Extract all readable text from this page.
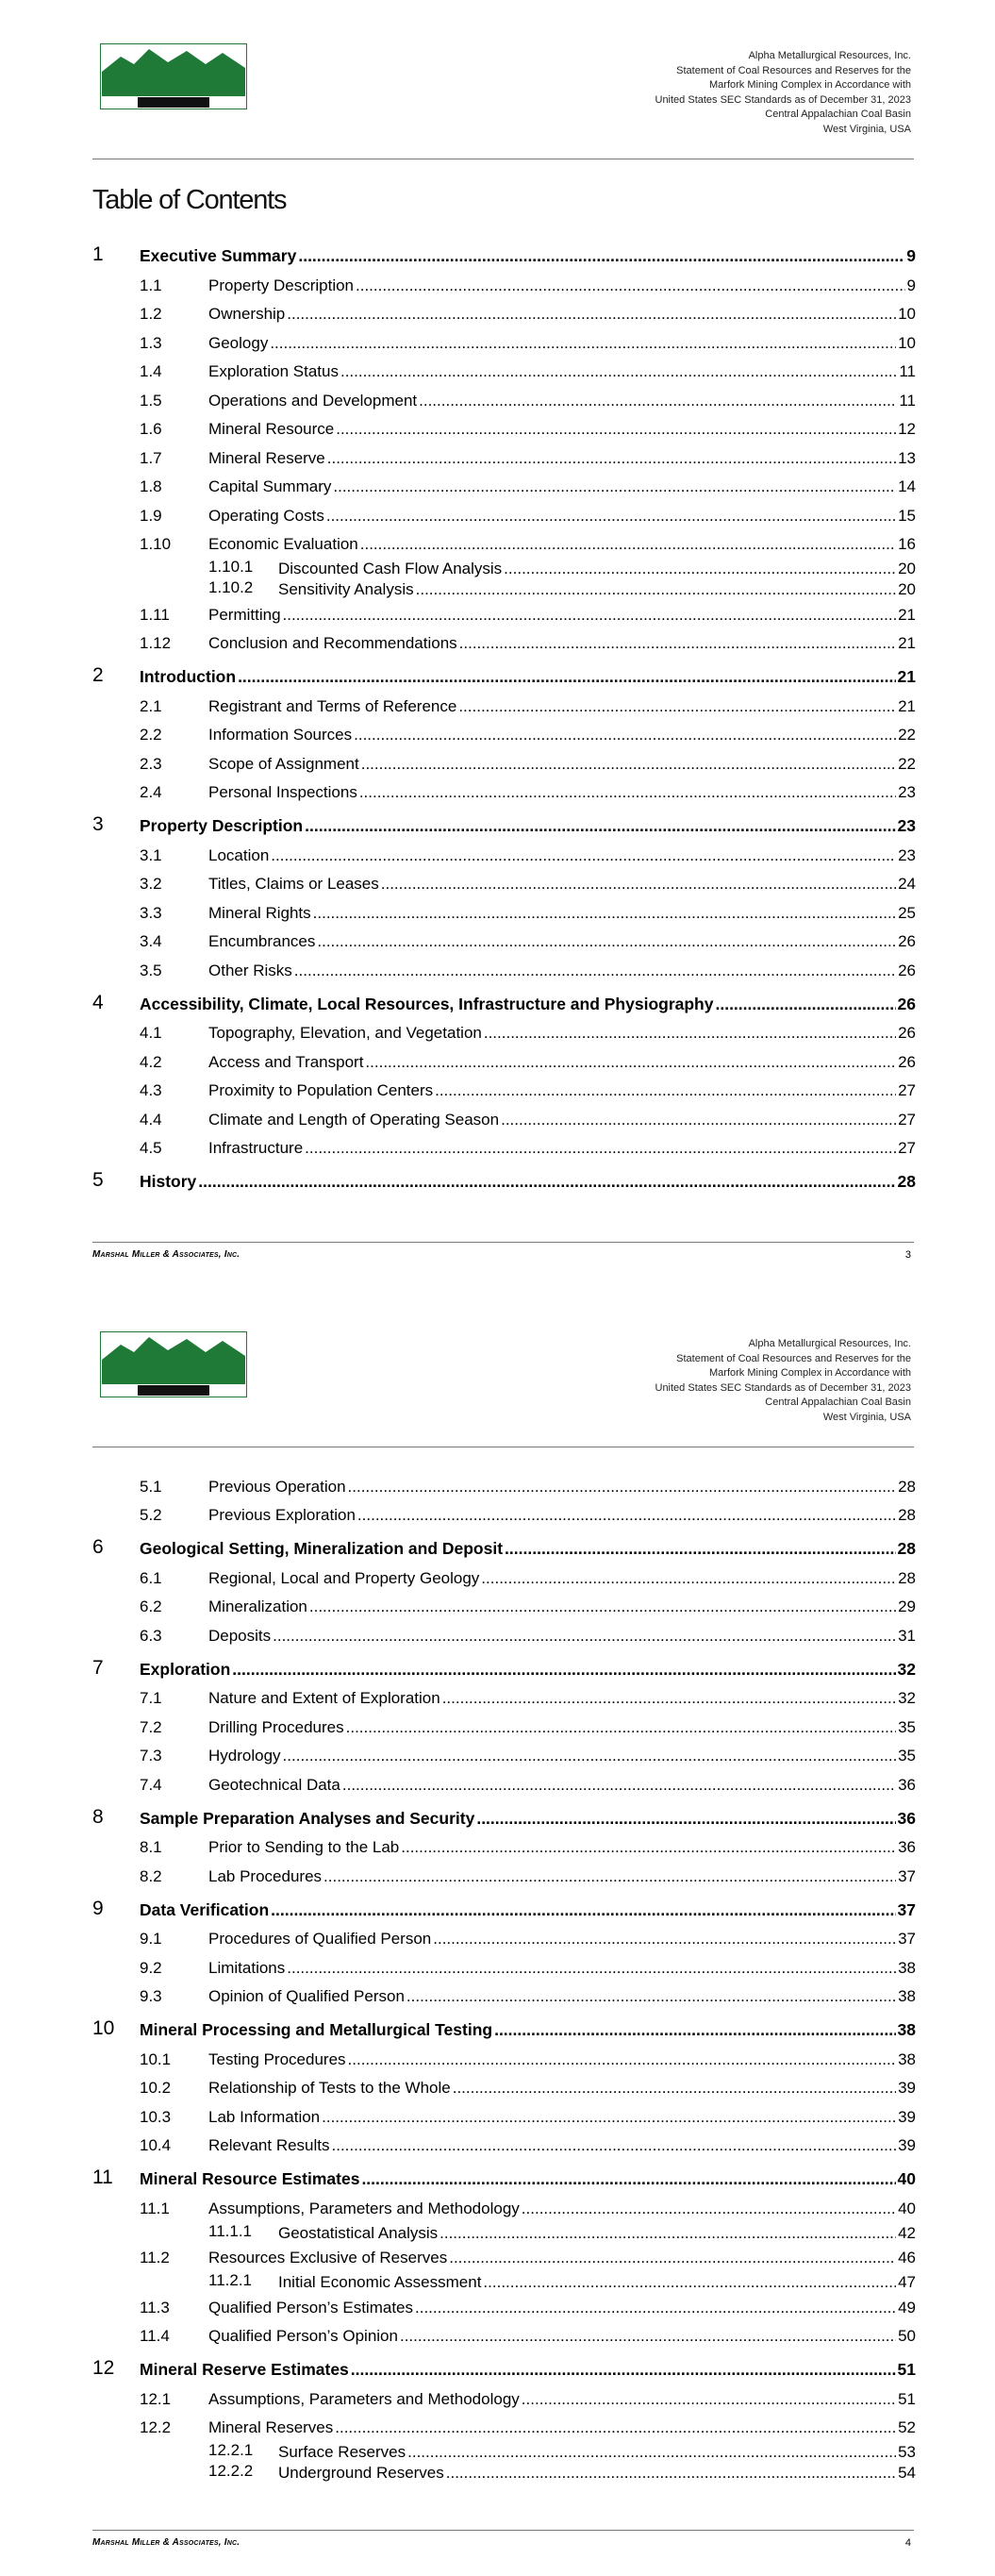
Alpha Metallurgical Resources, Inc.
Statement of Coal Resources and Reserves for the
Marfork Mining Complex in Accordance with
United States SEC Standards as of December 31, 2023
Central Appalachian Coal Basin
West Virginia, USA
Table of Contents
1 Executive Summary .....	9
1.1	Property Description .....	9
1.2	Ownership .....	10
1.3	Geology .....	10
1.4	Exploration Status .....	11
1.5	Operations and Development .....	11
1.6	Mineral Resource .....	12
1.7	Mineral Reserve .....	13
1.8	Capital Summary .....	14
1.9	Operating Costs .....	15
1.10 Economic Evaluation .....	16
1.10.1 Discounted Cash Flow Analysis .....	20
1.10.2 Sensitivity Analysis .....	20
1.11 Permitting .....	21
1.12 Conclusion and Recommendations .....	21
2 Introduction .....	21
2.1	Registrant and Terms of Reference .....	21
2.2	Information Sources .....	22
2.3	Scope of Assignment .....	22
2.4	Personal Inspections .....	23
3 Property Description .....	23
3.1	Location .....	23
3.2	Titles, Claims or Leases .....	24
3.3	Mineral Rights .....	25
3.4	Encumbrances .....	26
3.5	Other Risks .....	26
4 Accessibility, Climate, Local Resources, Infrastructure and Physiography .....	26
4.1	Topography, Elevation, and Vegetation .....	26
4.2	Access and Transport .....	26
4.3	Proximity to Population Centers .....	27
4.4	Climate and Length of Operating Season .....	27
4.5	Infrastructure .....	27
5 History .....	28
Marshal Miller & Associates, Inc.	3
Alpha Metallurgical Resources, Inc.
Statement of Coal Resources and Reserves for the
Marfork Mining Complex in Accordance with
United States SEC Standards as of December 31, 2023
Central Appalachian Coal Basin
West Virginia, USA
5.1	Previous Operation .....	28
5.2	Previous Exploration .....	28
6 Geological Setting, Mineralization and Deposit .....	28
6.1	Regional, Local and Property Geology .....	28
6.2	Mineralization .....	29
6.3	Deposits .....	31
7 Exploration .....	32
7.1	Nature and Extent of Exploration .....	32
7.2	Drilling Procedures .....	35
7.3	Hydrology .....	35
7.4	Geotechnical Data .....	36
8 Sample Preparation Analyses and Security .....	36
8.1	Prior to Sending to the Lab .....	36
8.2	Lab Procedures .....	37
9 Data Verification .....	37
9.1	Procedures of Qualified Person .....	37
9.2	Limitations .....	38
9.3	Opinion of Qualified Person .....	38
10 Mineral Processing and Metallurgical Testing .....	38
10.1 Testing Procedures .....	38
10.2 Relationship of Tests to the Whole .....	39
10.3 Lab Information .....	39
10.4 Relevant Results .....	39
11 Mineral Resource Estimates .....	40
11.1 Assumptions, Parameters and Methodology .....	40
11.1.1 Geostatistical Analysis .....	42
11.2 Resources Exclusive of Reserves .....	46
11.2.1 Initial Economic Assessment .....	47
11.3 Qualified Person’s Estimates .....	49
11.4 Qualified Person’s Opinion .....	50
12 Mineral Reserve Estimates .....	51
12.1 Assumptions, Parameters and Methodology .....	51
12.2 Mineral Reserves .....	52
12.2.1 Surface Reserves .....	53
12.2.2 Underground Reserves .....	54
Marshal Miller & Associates, Inc.	4
